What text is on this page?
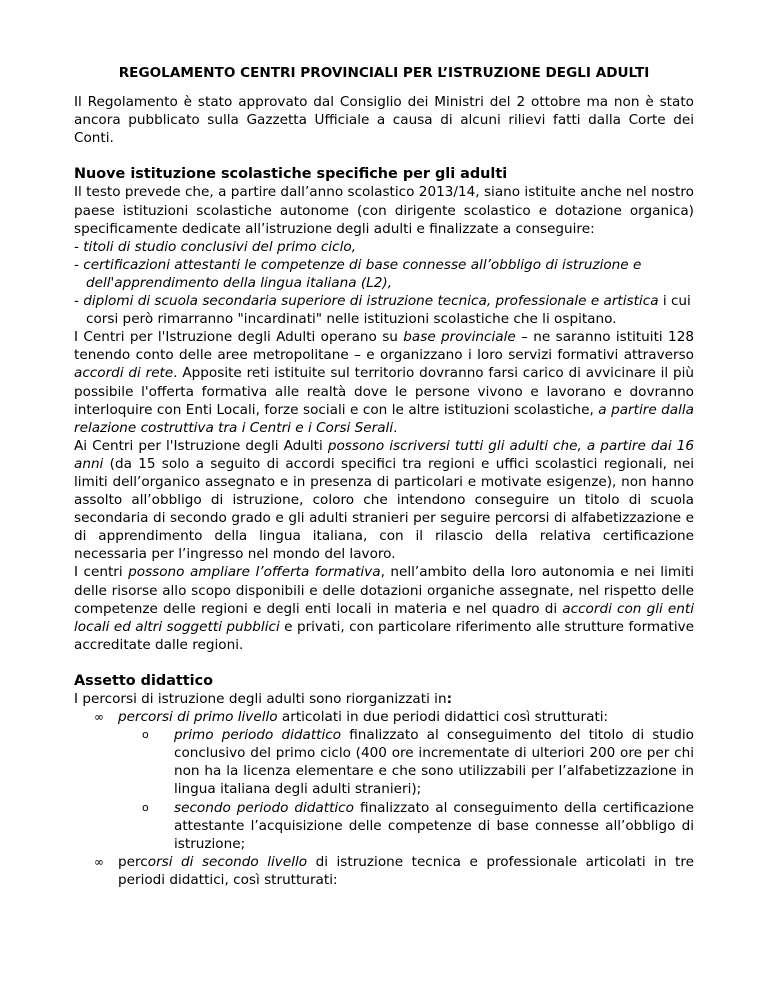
REGOLAMENTO CENTRI PROVINCIALI PER L’ISTRUZIONE DEGLI ADULTI

Il Regolamento è stato approvato dal Consiglio dei Ministri del 2 ottobre ma non è stato ancora pubblicato sulla Gazzetta Ufficiale a causa di alcuni rilievi fatti dalla Corte dei Conti.

Nuove istituzione scolastiche specifiche per gli adulti

Il testo prevede che, a partire dall’anno scolastico 2013/14, siano istituite anche nel nostro paese istituzioni scolastiche autonome (con dirigente scolastico e dotazione organica) specificamente dedicate all’istruzione degli adulti e finalizzate a conseguire:

- titoli di studio conclusivi del primo ciclo,

- certificazioni attestanti le competenze di base connesse all’obbligo di istruzione e dell'apprendimento della lingua italiana (L2),

- diplomi di scuola secondaria superiore di istruzione tecnica, professionale e artistica i cui corsi però rimarranno "incardinati" nelle istituzioni scolastiche che li ospitano.

I Centri per l'Istruzione degli Adulti operano su base provinciale – ne saranno istituiti 128 tenendo conto delle aree metropolitane – e organizzano i loro servizi formativi attraverso accordi di rete. Apposite reti istituite sul territorio dovranno farsi carico di avvicinare il più possibile l'offerta formativa alle realtà dove le persone vivono e lavorano e dovranno interloquire con Enti Locali, forze sociali e con le altre istituzioni scolastiche, a partire dalla relazione costruttiva tra i Centri e i Corsi Serali.

Ai Centri per l'Istruzione degli Adulti possono iscriversi tutti gli adulti che, a partire dai 16 anni (da 15 solo a seguito di accordi specifici tra regioni e uffici scolastici regionali, nei limiti dell’organico assegnato e in presenza di particolari e motivate esigenze), non hanno assolto all’obbligo di istruzione, coloro che intendono conseguire un titolo di scuola secondaria di secondo grado e gli adulti stranieri per seguire percorsi di alfabetizzazione e di apprendimento della lingua italiana, con il rilascio della relativa certificazione necessaria per l’ingresso nel mondo del lavoro.

I centri possono ampliare l’offerta formativa, nell’ambito della loro autonomia e nei limiti delle risorse allo scopo disponibili e delle dotazioni organiche assegnate, nel rispetto delle competenze delle regioni e degli enti locali in materia e nel quadro di accordi con gli enti locali ed altri soggetti pubblici e privati, con particolare riferimento alle strutture formative accreditate dalle regioni.

Assetto didattico

I percorsi di istruzione degli adulti sono riorganizzati in:

∞ percorsi di primo livello articolati in due periodi didattici così strutturati:
o primo periodo didattico finalizzato al conseguimento del titolo di studio conclusivo del primo ciclo (400 ore incrementate di ulteriori 200 ore per chi non ha la licenza elementare e che sono utilizzabili per l’alfabetizzazione in lingua italiana degli adulti stranieri);
o secondo periodo didattico finalizzato al conseguimento della certificazione attestante l’acquisizione delle competenze di base connesse all’obbligo di istruzione;
∞ percorsi di secondo livello di istruzione tecnica e professionale articolati in tre periodi didattici, così strutturati:
